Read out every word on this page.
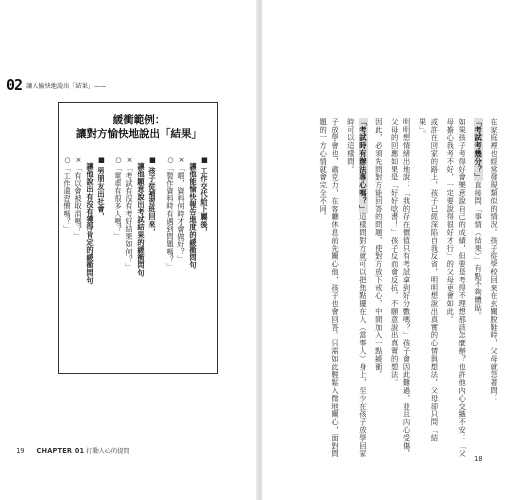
02 讓人愉快地說出「結果」——
緩衝範例：
讓對方愉快地說出「結果」
■ 工作交代給下屬後，
　讓他能愉快報告進度的緩衝問句
×「喂，資料何時才會做好？」
○「製作資料時有遇到問題嗎？」
■ 孩子從補習班回來，
　讓他願意說出考試結果的緩衝問句
×「考試有沒有考好結果如何？」
○「電車有很多人嗎？」
■ 男朋友出社會，
　讓他說出有沒有獲得肯定的緩衝問句
×「有以會被取消嗎？」
○「工作還習慣嗎？」
19 CHAPTER 01 打動人心的提問

在家庭裡也經常發現類似的情況。孩子從學校回來在玄關脫鞋時，父母就急著問：

「考試考幾分？」直接問「事情（結果）」有點不夠體貼。

如果孩子考得好會樂意說自己的成績，但要是考得不理想那該怎麼辦？也許他內心交織不安：「父母擔心我考不好，一定要說得很好才行」的父母更會如此。

或許在回家的路上，孩子已經深陷自我反省，明明想說出真實的心情與想法，父母卻只問「結果」。

明明想情緒出地說：「我的存在價值只有考試拿到好分數嗎？」孩子會因此難過，並且內心受傷，父母的回應如果是「好好唸書！」孩子反而會反抗，不願意說出真實的想法。

因此，必須先問對方能回答的問題，使對方放下戒心，中間加入一點緩衝。

「考試時有辦法專心嗎？」這樣問對方就可以把焦點擺在人（當事人）身上，至少在孩子放學回家時可以這樣問。

子放學會也，肅克力，在客廳休息前先關心他，孩子也會回答。只需如此輕鬆入微地關心，面對問題的一方心情就會完全不同。

18
